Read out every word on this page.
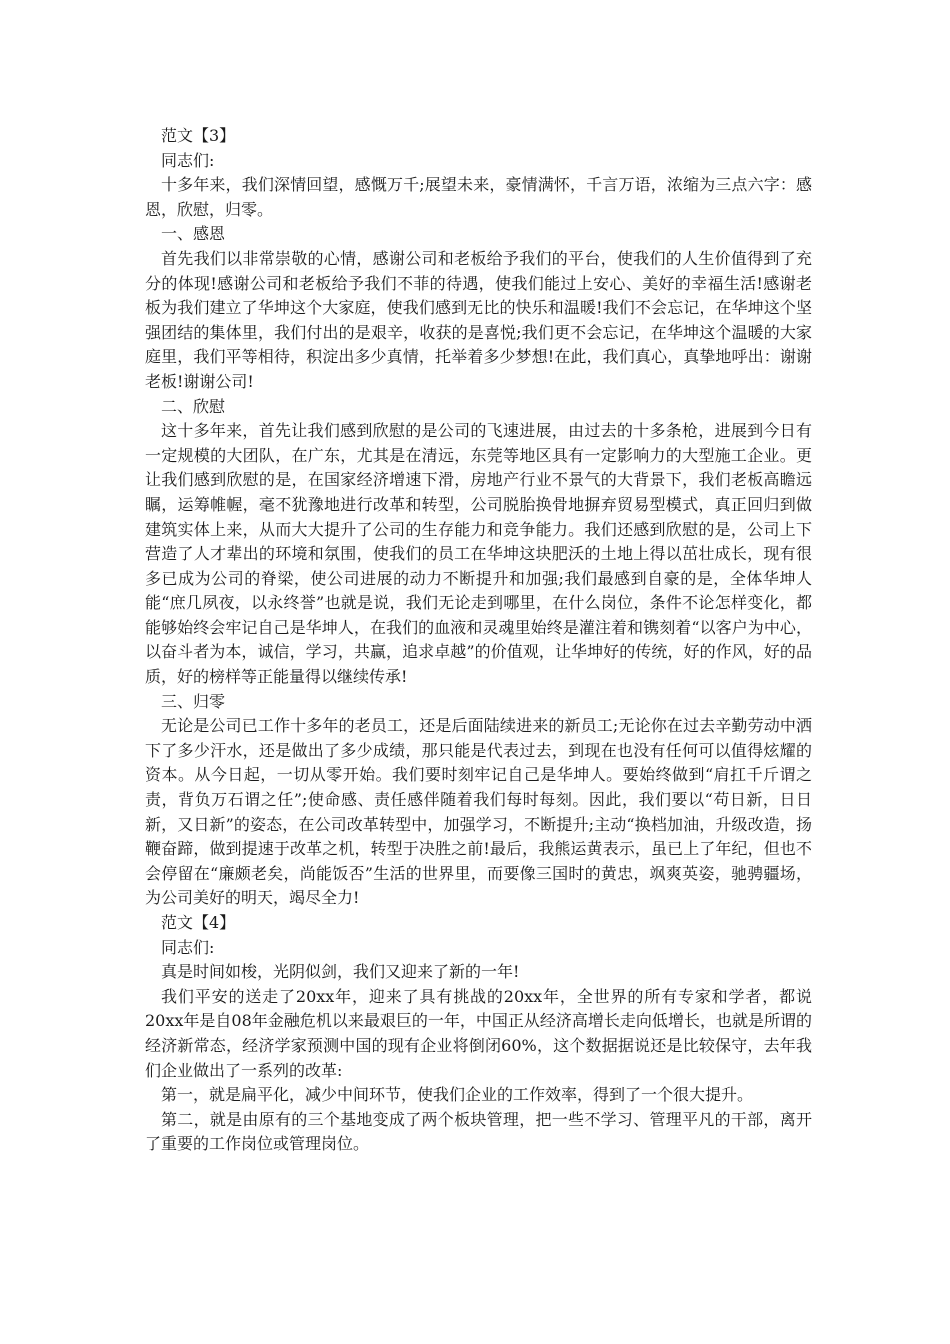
范文【3】

同志们:

十多年来，我们深情回望，感慨万千;展望未来，豪情满怀，千言万语，浓缩为三点六字：感恩，欣慰，归零。

一、感恩

首先我们以非常崇敬的心情，感谢公司和老板给予我们的平台，使我们的人生价值得到了充分的体现!感谢公司和老板给予我们不菲的待遇，使我们能过上安心、美好的幸福生活!感谢老板为我们建立了华坤这个大家庭，使我们感到无比的快乐和温暖!我们不会忘记，在华坤这个坚强团结的集体里，我们付出的是艰辛，收获的是喜悦;我们更不会忘记，在华坤这个温暖的大家庭里，我们平等相待，积淀出多少真情，托举着多少梦想!在此，我们真心，真挚地呼出：谢谢老板!谢谢公司!

二、欣慰

这十多年来，首先让我们感到欣慰的是公司的飞速进展，由过去的十多条枪，进展到今日有一定规模的大团队，在广东，尤其是在清远，东莞等地区具有一定影响力的大型施工企业。更让我们感到欣慰的是，在国家经济增速下滑，房地产行业不景气的大背景下，我们老板高瞻远瞩，运筹帷幄，毫不犹豫地进行改革和转型，公司脱胎换骨地摒弃贸易型模式，真正回归到做建筑实体上来，从而大大提升了公司的生存能力和竞争能力。我们还感到欣慰的是，公司上下营造了人才辈出的环境和氛围，使我们的员工在华坤这块肥沃的土地上得以茁壮成长，现有很多已成为公司的脊梁，使公司进展的动力不断提升和加强;我们最感到自豪的是，全体华坤人能“庶几夙夜，以永终誉”也就是说，我们无论走到哪里，在什么岗位，条件不论怎样变化，都能够始终会牢记自己是华坤人，在我们的血液和灵魂里始终是灌注着和镌刻着“以客户为中心，以奋斗者为本，诚信，学习，共赢，追求卓越”的价值观，让华坤好的传统，好的作风，好的品质，好的榜样等正能量得以继续传承!

三、归零

无论是公司已工作十多年的老员工，还是后面陆续进来的新员工;无论你在过去辛勤劳动中洒下了多少汗水，还是做出了多少成绩，那只能是代表过去，到现在也没有任何可以值得炫耀的资本。从今日起，一切从零开始。我们要时刻牢记自己是华坤人。要始终做到“肩扛千斤谓之责，背负万石谓之任”;使命感、责任感伴随着我们每时每刻。因此，我们要以“苟日新，日日新，又日新”的姿态，在公司改革转型中，加强学习，不断提升;主动“换档加油，升级改造，扬鞭奋蹄，做到提速于改革之机，转型于决胜之前!最后，我熊运黄表示，虽已上了年纪，但也不会停留在“廉颇老矣，尚能饭否”生活的世界里，而要像三国时的黄忠，飒爽英姿，驰骋疆场，为公司美好的明天，竭尽全力!

范文【4】

同志们:

真是时间如梭，光阴似剑，我们又迎来了新的一年!

我们平安的送走了20xx年，迎来了具有挑战的20xx年，全世界的所有专家和学者，都说20xx年是自08年金融危机以来最艰巨的一年，中国正从经济高增长走向低增长，也就是所谓的经济新常态，经济学家预测中国的现有企业将倒闭60%，这个数据据说还是比较保守，去年我们企业做出了一系列的改革:

第一，就是扁平化，减少中间环节，使我们企业的工作效率，得到了一个很大提升。

第二，就是由原有的三个基地变成了两个板块管理，把一些不学习、管理平凡的干部，离开了重要的工作岗位或管理岗位。
